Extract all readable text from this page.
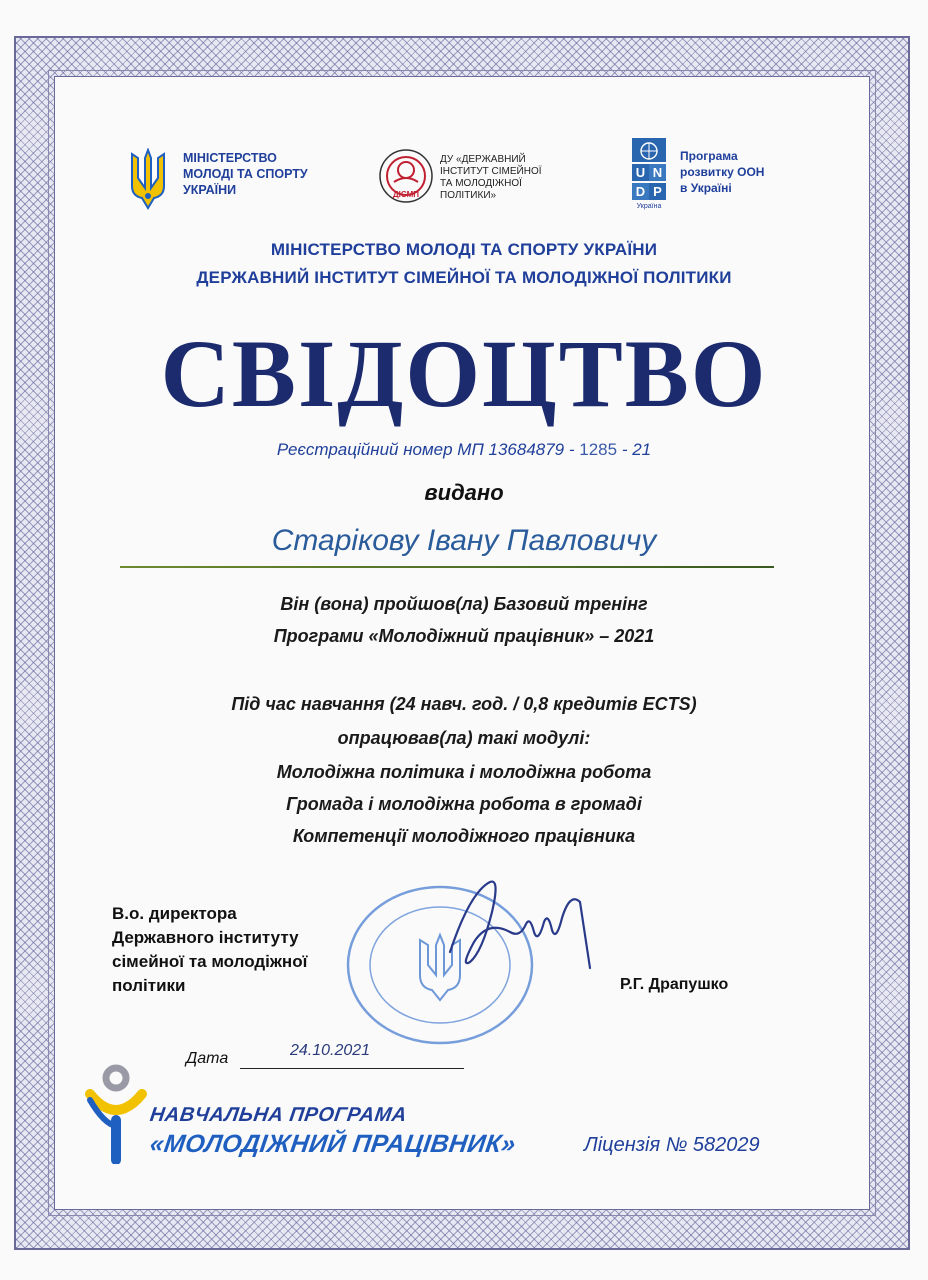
МІНІСТЕРСТВО
МОЛОДІ ТА СПОРТУ
УКРАЇНИ	ДІСМП
ДУ «ДЕРЖАВНИЙ
ІНСТИТУТ СІМЕЙНОЇ
ТА МОЛОДІЖНОЇ
ПОЛІТИКИ»
U N
D P
Україна
Програма
розвитку ООН
в Україні
МІНІСТЕРСТВО МОЛОДІ ТА СПОРТУ УКРАЇНИ
ДЕРЖАВНИЙ ІНСТИТУТ СІМЕЙНОЇ ТА МОЛОДІЖНОЇ ПОЛІТИКИ
СВІДОЦТВО
Реєстраційний номер МП 13684879 - 1285 - 21
видано
Старікову Івану Павловичу
Він (вона) пройшов(ла) Базовий тренінг
Програми «Молодіжний працівник» – 2021
Під час навчання (24 навч. год. / 0,8 кредитів ECTS)
опрацював(ла) такі модулі:
Молодіжна політика і молодіжна робота
Громада і молодіжна робота в громаді
Компетенції молодіжного працівника
В.о. директора
Державного інституту
сімейної та молодіжної
політики	Р.Г. Драпушко
Дата	24.10.2021
НАВЧАЛЬНА ПРОГРАМА
«МОЛОДІЖНИЙ ПРАЦІВНИК»	Ліцензія № 582029
